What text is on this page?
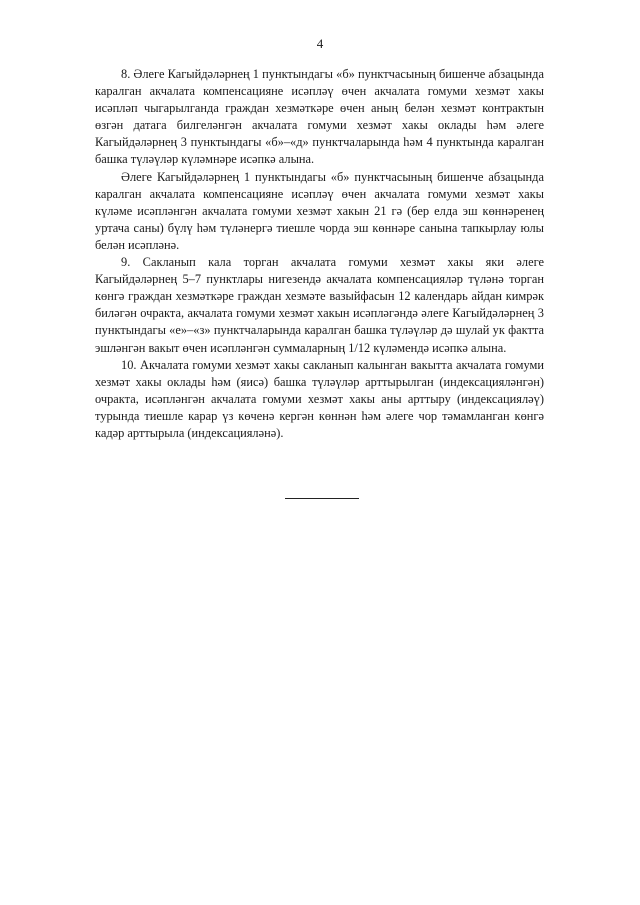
4

8. Әлеге Кагыйдәләрнең 1 пунктындагы «б» пунктчасының бишенче абзацында каралган акчалата компенсацияне исәпләү өчен акчалата гомуми хезмәт хакы исәпләп чыгарылганда граждан хезмәткәре өчен аның белән хезмәт контрактын өзгән датага билгеләнгән акчалата гомуми хезмәт хакы оклады һәм әлеге Кагыйдәләрнең 3 пунктындагы «б»–«д» пунктчаларында һәм 4 пунктында каралган башка түләүләр күләмнәре исәпкә алына.

Әлеге Кагыйдәләрнең 1 пунктындагы «б» пунктчасының бишенче абзацында каралган акчалата компенсацияне исәпләү өчен акчалата гомуми хезмәт хакы күләме исәпләнгән акчалата гомуми хезмәт хакын 21 гә (бер елда эш көннәренең уртача саны) бүлү һәм түләнергә тиешле чорда эш көннәре санына тапкырлау юлы белән исәпләнә.

9. Сакланып кала торган акчалата гомуми хезмәт хакы яки әлеге Кагыйдәләрнең 5–7 пунктлары нигезендә акчалата компенсацияләр түләнә торган көнгә граждан хезмәткәре граждан хезмәте вазыйфасын 12 календарь айдан кимрәк биләгән очракта, акчалата гомуми хезмәт хакын исәпләгәндә әлеге Кагыйдәләрнең 3 пунктындагы «е»–«з» пунктчаларында каралган башка түләүләр дә шулай ук фактта эшләнгән вакыт өчен исәпләнгән суммаларның 1/12 күләмендә исәпкә алына.

10. Акчалата гомуми хезмәт хакы сакланып калынган вакытта акчалата гомуми хезмәт хакы оклады һәм (яисә) башка түләүләр арттырылган (индексацияләнгән) очракта, исәпләнгән акчалата гомуми хезмәт хакы аны арттыру (индексацияләү) турында тиешле карар үз көченә кергән көннән һәм әлеге чор тәмамланган көнгә кадәр арттырыла (индексацияләнә).
